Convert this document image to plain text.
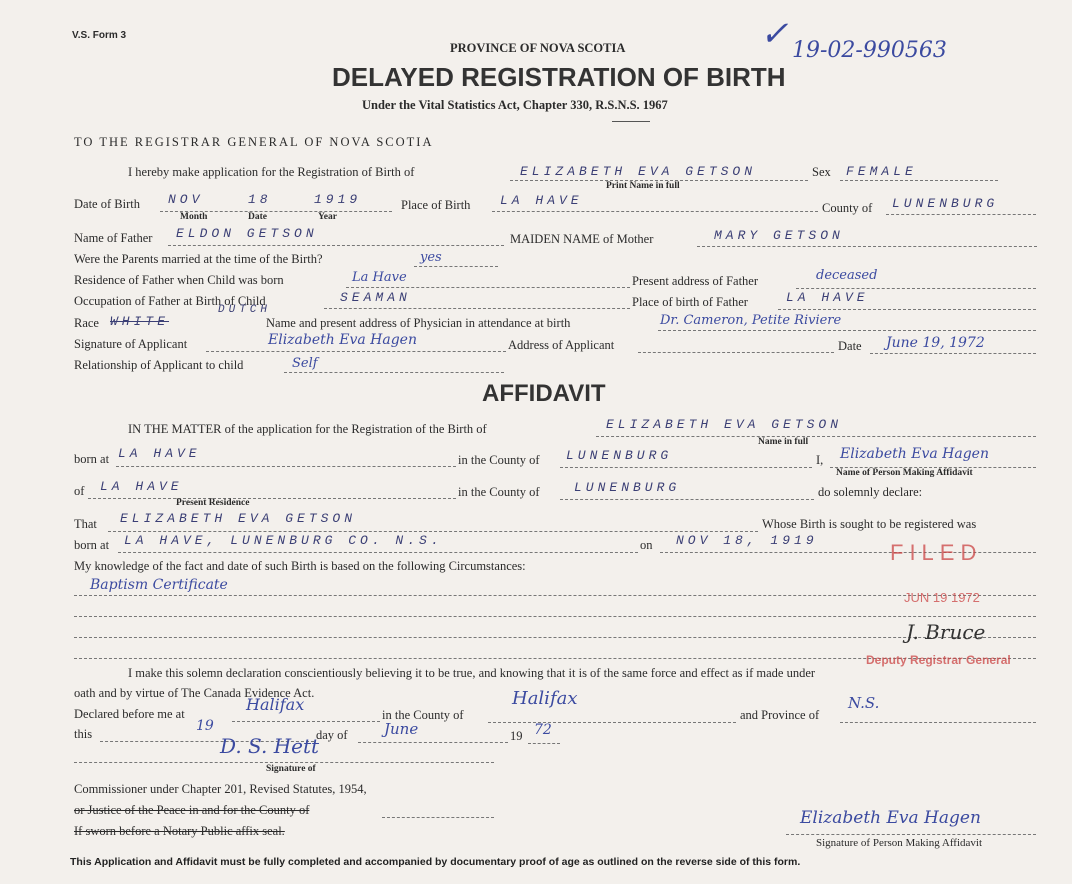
V.S. Form 3
PROVINCE OF NOVA SCOTIA
DELAYED REGISTRATION OF BIRTH
Under the Vital Statistics Act, Chapter 330, R.S.N.S. 1967
✓ 19-02-990563
TO THE REGISTRAR GENERAL OF NOVA SCOTIA
I hereby make application for the Registration of Birth of	ELIZABETH EVA GETSON	Sex FEMALE
Print Name in full
Date of Birth NOV	18	1919
Month	Date	Year
Place of Birth LA HAVE	County of LUNENBURG
Name of Father ELDON GETSON	MAIDEN NAME of Mother	MARY GETSON
Were the Parents married at the time of the Birth?	yes
Residence of Father when Child was born	La Have	Present address of Father	deceased
Occupation of Father at Birth of Child	SEAMAN	Place of birth of Father	LA HAVE
Race WHITE
DUTCH
Name and present address of Physician in attendance at birth	Dr. Cameron, Petite Riviere
Signature of Applicant	Elizabeth Eva Hagen	Address of Applicant	Date June 19, 1972
Relationship of Applicant to child	Self
AFFIDAVIT
IN THE MATTER of the application for the Registration of the Birth of	ELIZABETH EVA GETSON
Name in full
born at LA HAVE	in the County of LUNENBURG	I, Elizabeth Eva Hagen
Name of Person Making Affidavit
of LA HAVE
Present Residence
in the County of	LUNENBURG	do solemnly declare:
That ELIZABETH EVA GETSON	Whose Birth is sought to be registered was
born at LA HAVE, LUNENBURG CO. N.S.	on NOV 18, 1919
My knowledge of the fact and date of such Birth is based on the following Circumstances:
Baptism Certificate
I make this solemn declaration conscientiously believing it to be true, and knowing that it is of the same force and effect as if made under
oath and by virtue of The Canada Evidence Act.
Declared before me at	Halifax
in the County of
Halifax
and Province of
N.S.
this	19
day of June	19 72
D. S. Hett
Signature of
Commissioner under Chapter 201, Revised Statutes, 1954,
or Justice of the Peace in and for the County of
If sworn before a Notary Public affix seal.
Elizabeth Eva Hagen
Signature of Person Making Affidavit
FILED
JUN 19 1972
J. Bruce
Deputy Registrar General
This Application and Affidavit must be fully completed and accompanied by documentary proof of age as outlined on the reverse side of this form.
